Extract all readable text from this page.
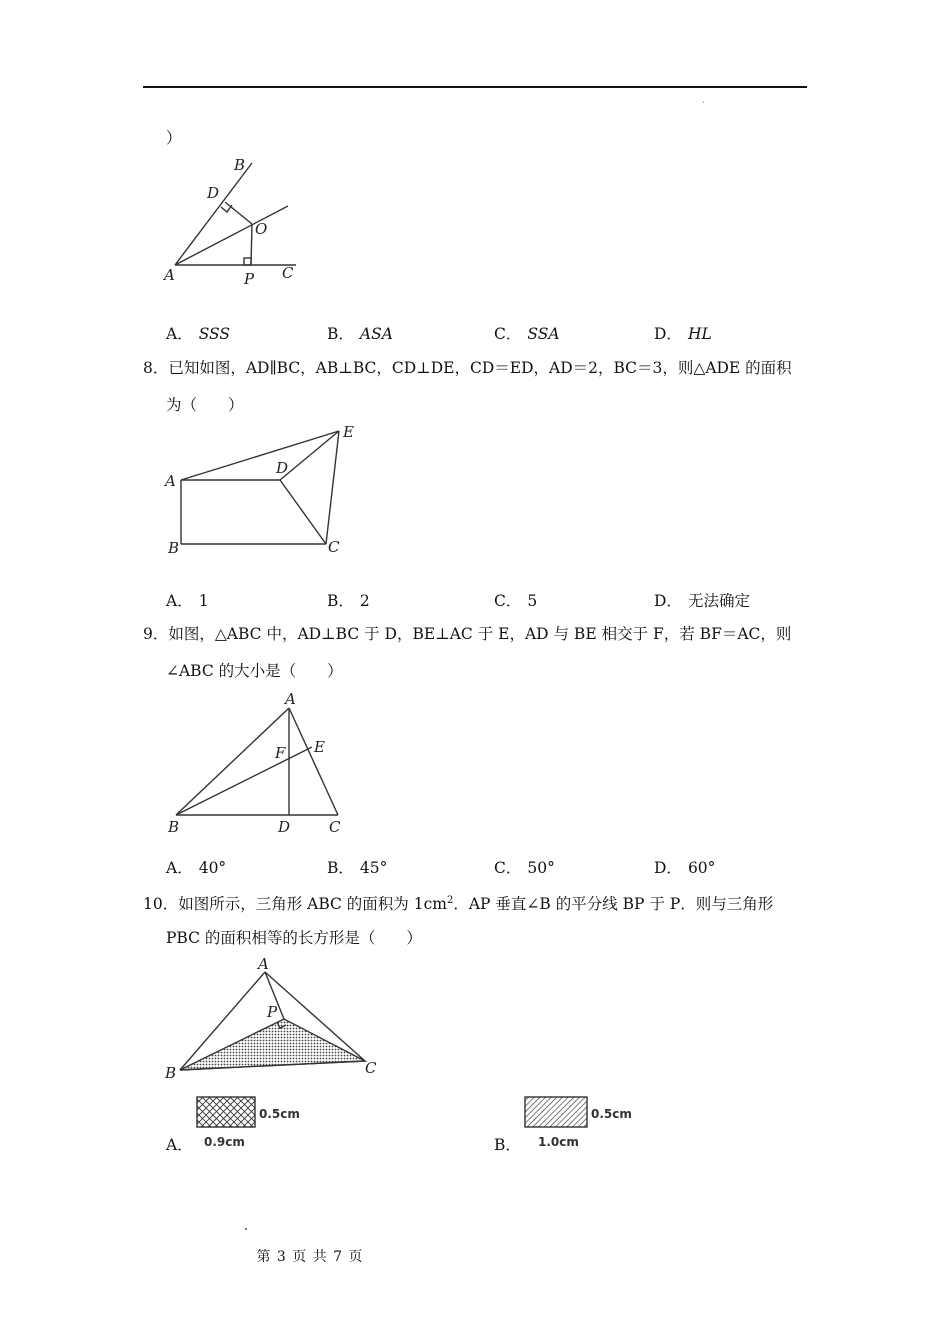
.
）
B
D
O
A	P C
A． SSS	B． ASA	C． SSA	D． HL
8．已知如图，AD∥BC，AB⊥BC，CD⊥DE，CD＝ED，AD＝2，BC＝3，则△ADE 的面积
为（　　）
A
B	C
D
E
A． 1	B． 2	C． 5	D． 无法确定
9．如图，△ABC 中，AD⊥BC 于 D，BE⊥AC 于 E，AD 与 BE 相交于 F，若 BF＝AC，则
∠ABC 的大小是（　　）
A
B	C
D
E
F
A． 40°	B． 45°	C． 50°	D． 60°
10．如图所示，三角形 ABC 的面积为 $1cm^2$．AP 垂直∠B 的平分线 BP 于 P．则与三角形
PBC 的面积相等的长方形是（　　）
A
B	C
P
A．
0.5cm
0.9cm	B．
0.5cm
1.0cm
第 3 页 共 7 页
